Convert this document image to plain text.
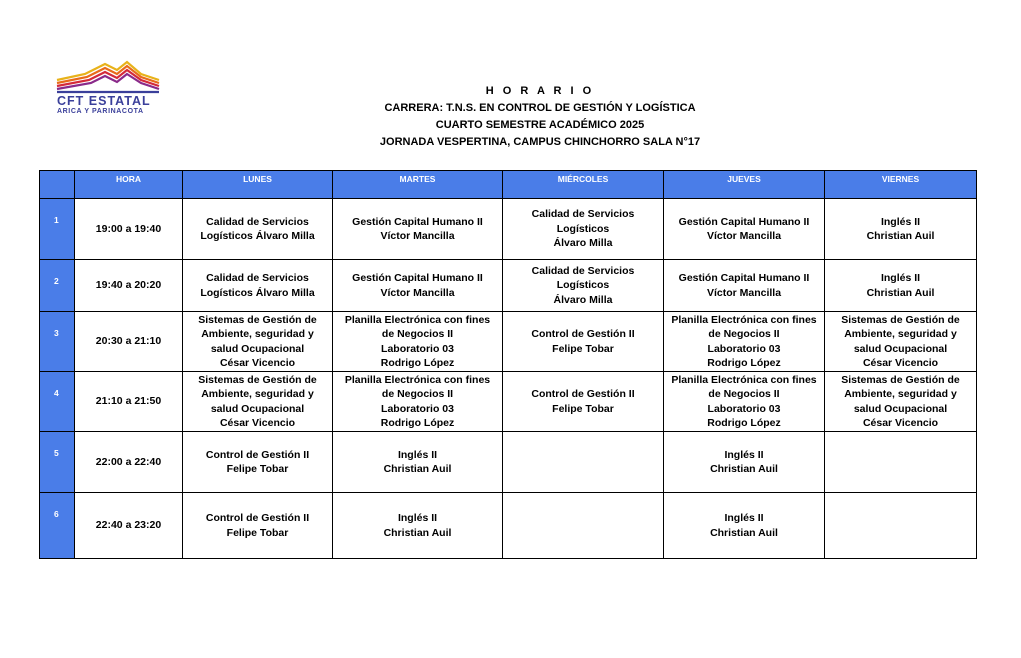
CFT ESTATAL
ARICA Y PARINACOTA
H O R A R I O
CARRERA: T.N.S. EN CONTROL DE GESTIÓN Y LOGÍSTICA
CUARTO SEMESTRE ACADÉMICO 2025
JORNADA VESPERTINA, CAMPUS CHINCHORRO SALA N°17
	HORA	LUNES	MARTES	MIÉRCOLES	JUEVES	VIERNES
1	19:00 a 19:40	Calidad de Servicios
Logísticos Álvaro Milla	Gestión Capital Humano II
Víctor Mancilla	Calidad de Servicios
Logísticos
Álvaro Milla	Gestión Capital Humano II
Víctor Mancilla	Inglés II
Christian Auil

2	19:40 a 20:20	Calidad de Servicios
Logísticos Álvaro Milla	Gestión Capital Humano II
Víctor Mancilla	Calidad de Servicios
Logísticos
Álvaro Milla	Gestión Capital Humano II
Víctor Mancilla	Inglés II
Christian Auil

3	20:30 a 21:10	Sistemas de Gestión de
Ambiente, seguridad y
salud Ocupacional
César Vicencio	Planilla Electrónica con fines
de Negocios II
Laboratorio 03
Rodrigo López	Control de Gestión II
Felipe Tobar	Planilla Electrónica con fines
de Negocios II
Laboratorio 03
Rodrigo López	Sistemas de Gestión de
Ambiente, seguridad y
salud Ocupacional
César Vicencio

4	21:10 a 21:50	Sistemas de Gestión de
Ambiente, seguridad y
salud Ocupacional
César Vicencio	Planilla Electrónica con fines
de Negocios II
Laboratorio 03
Rodrigo López	Control de Gestión II
Felipe Tobar	Planilla Electrónica con fines
de Negocios II
Laboratorio 03
Rodrigo López	Sistemas de Gestión de
Ambiente, seguridad y
salud Ocupacional
César Vicencio

5	22:00 a 22:40	Control de Gestión II
Felipe Tobar	Inglés II
Christian Auil		Inglés II
Christian Auil	

6	22:40 a 23:20	Control de Gestión II
Felipe Tobar	Inglés II
Christian Auil		Inglés II
Christian Auil	
